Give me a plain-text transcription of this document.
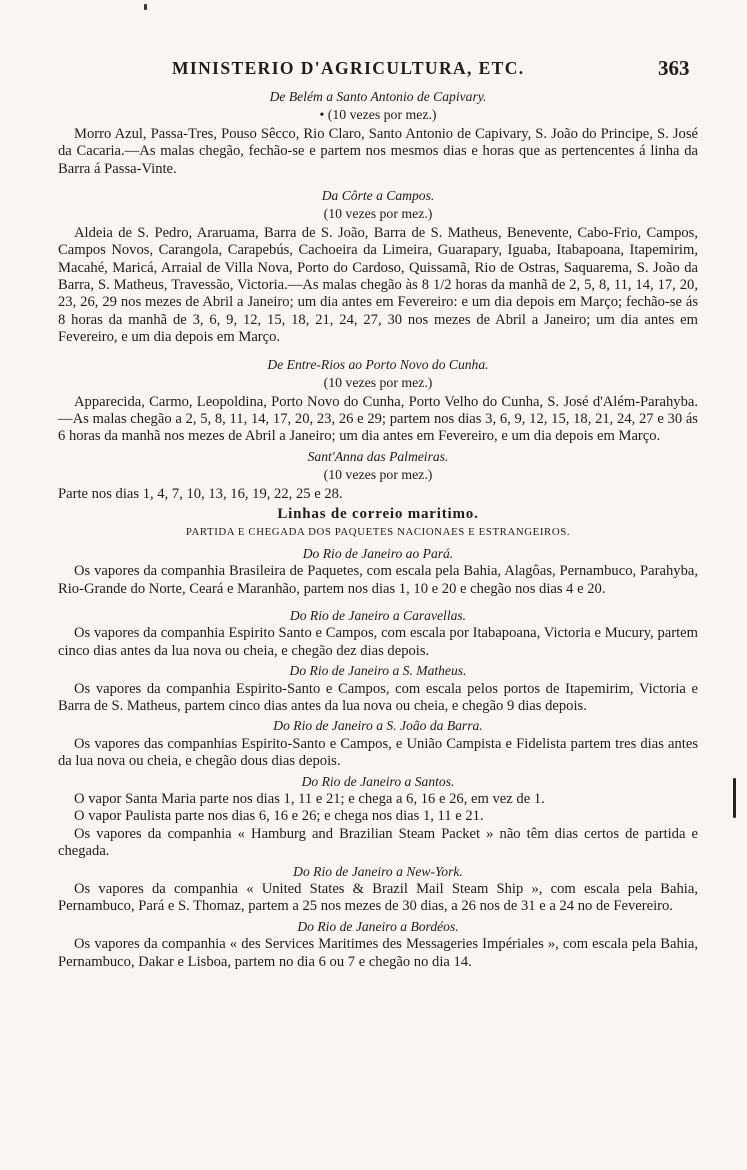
MINISTERIO D'AGRICULTURA, ETC.	363
De Belém a Santo Antonio de Capivary.
• (10 vezes por mez.)

Morro Azul, Passa-Tres, Pouso Sêcco, Rio Claro, Santo Antonio de Capivary, S. João do Principe, S. José da Cacaria.—As malas chegão, fechão-se e partem nos mesmos dias e horas que as pertencentes á linha da Barra á Passa-Vinte.

Da Côrte a Campos.
(10 vezes por mez.)

Aldeia de S. Pedro, Araruama, Barra de S. João, Barra de S. Matheus, Benevente, Cabo-Frio, Campos, Campos Novos, Carangola, Carapebús, Cachoeira da Limeira, Guarapary, Iguaba, Itabapoana, Itapemirim, Macahé, Maricá, Arraial de Villa Nova, Porto do Cardoso, Quissamã, Rio de Ostras, Saquarema, S. João da Barra, S. Matheus, Travessão, Victoria.—As malas chegão às 8 1/2 horas da manhã de 2, 5, 8, 11, 14, 17, 20, 23, 26, 29 nos mezes de Abril a Janeiro; um dia antes em Fevereiro: e um dia depois em Março; fechão-se ás 8 horas da manhã de 3, 6, 9, 12, 15, 18, 21, 24, 27, 30 nos mezes de Abril a Janeiro; um dia antes em Fevereiro, e um dia depois em Março.

De Entre-Rios ao Porto Novo do Cunha.
(10 vezes por mez.)

Apparecida, Carmo, Leopoldina, Porto Novo do Cunha, Porto Velho do Cunha, S. José d'Além-Parahyba.—As malas chegão a 2, 5, 8, 11, 14, 17, 20, 23, 26 e 29; partem nos dias 3, 6, 9, 12, 15, 18, 21, 24, 27 e 30 ás 6 horas da manhã nos mezes de Abril a Janeiro; um dia antes em Fevereiro, e um dia depois em Março.

Sant'Anna das Palmeiras.
(10 vezes por mez.)

Parte nos dias 1, 4, 7, 10, 13, 16, 19, 22, 25 e 28.

Linhas de correio maritimo.
PARTIDA E CHEGADA DOS PAQUETES NACIONAES E ESTRANGEIROS.
Do Rio de Janeiro ao Pará.

Os vapores da companhia Brasileira de Paquetes, com escala pela Bahia, Alagôas, Pernambuco, Parahyba, Rio-Grande do Norte, Ceará e Maranhão, partem nos dias 1, 10 e 20 e chegão nos dias 4 e 20.

Do Rio de Janeiro a Caravellas.

Os vapores da companhia Espirito Santo e Campos, com escala por Itabapoana, Victoria e Mucury, partem cinco dias antes da lua nova ou cheia, e chegão dez dias depois.

Do Rio de Janeiro a S. Matheus.

Os vapores da companhia Espirito-Santo e Campos, com escala pelos portos de Itapemirim, Victoria e Barra de S. Matheus, partem cinco dias antes da lua nova ou cheia, e chegão 9 dias depois.

Do Rio de Janeiro a S. João da Barra.

Os vapores das companhias Espirito-Santo e Campos, e União Campista e Fidelista partem tres dias antes da lua nova ou cheia, e chegão dous dias depois.

Do Rio de Janeiro a Santos.

O vapor Santa Maria parte nos dias 1, 11 e 21; e chega a 6, 16 e 26, em vez de 1.

O vapor Paulista parte nos dias 6, 16 e 26; e chega nos dias 1, 11 e 21.

Os vapores da companhia « Hamburg and Brazilian Steam Packet » não têm dias certos de partida e chegada.

Do Rio de Janeiro a New-York.

Os vapores da companhia « United States & Brazil Mail Steam Ship », com escala pela Bahia, Pernambuco, Pará e S. Thomaz, partem a 25 nos mezes de 30 dias, a 26 nos de 31 e a 24 no de Fevereiro.

Do Rio de Janeiro a Bordéos.

Os vapores da companhia « des Services Maritimes des Messageries Impériales », com escala pela Bahia, Pernambuco, Dakar e Lisboa, partem no dia 6 ou 7 e chegão no dia 14.
